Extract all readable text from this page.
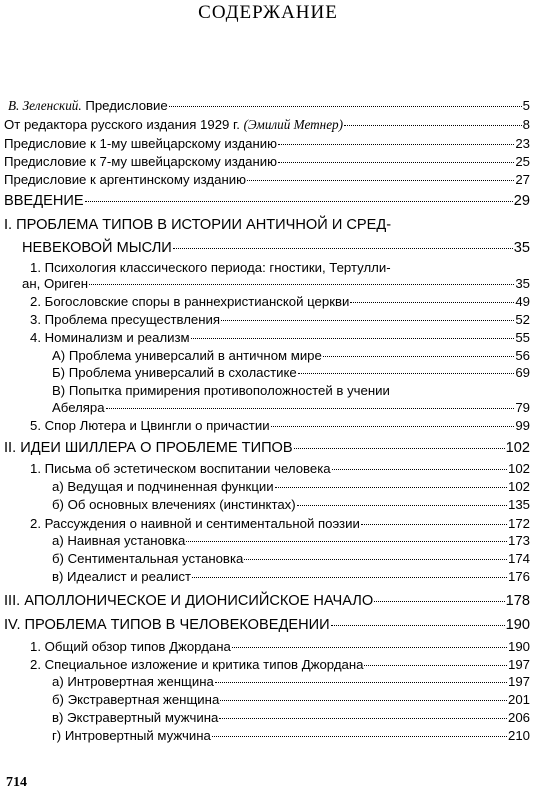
СОДЕРЖАНИЕ
В. Зеленский. Предисловие	5
От редактора русского издания 1929 г. (Эмилий Метнер)	8
Предисловие к 1-му швейцарскому изданию	23
Предисловие к 7-му швейцарскому изданию	25
Предисловие к аргентинскому изданию	27
ВВЕДЕНИЕ	29
I. ПРОБЛЕМА ТИПОВ В ИСТОРИИ АНТИЧНОЙ И СРЕД-
НЕВЕКОВОЙ МЫСЛИ	35
1. Психология классического периода: гностики, Тертулли-
ан, Ориген	35
2. Богословские споры в раннехристианской церкви	49
3. Проблема пресуществления	52
4. Номинализм и реализм	55
А) Проблема универсалий в античном мире	56
Б) Проблема универсалий в схоластике	69
В) Попытка примирения противоположностей в учении
Абеляра	79
5. Спор Лютера и Цвингли о причастии	99
II. ИДЕИ ШИЛЛЕРА О ПРОБЛЕМЕ ТИПОВ	102
1. Письма об эстетическом воспитании человека	102
а) Ведущая и подчиненная функции	102
б) Об основных влечениях (инстинктах)	135
2. Рассуждения о наивной и сентиментальной поэзии	172
а) Наивная установка	173
б) Сентиментальная установка	174
в) Идеалист и реалист	176
III. АПОЛЛОНИЧЕСКОЕ И ДИОНИСИЙСКОЕ НАЧАЛО	178
IV. ПРОБЛЕМА ТИПОВ В ЧЕЛОВЕКОВЕДЕНИИ	190
1. Общий обзор типов Джордана	190
2. Специальное изложение и критика типов Джордана	197
а) Интровертная женщина	197
б) Экстравертная женщина	201
в) Экстравертный мужчина	206
г) Интровертный мужчина	210
714
